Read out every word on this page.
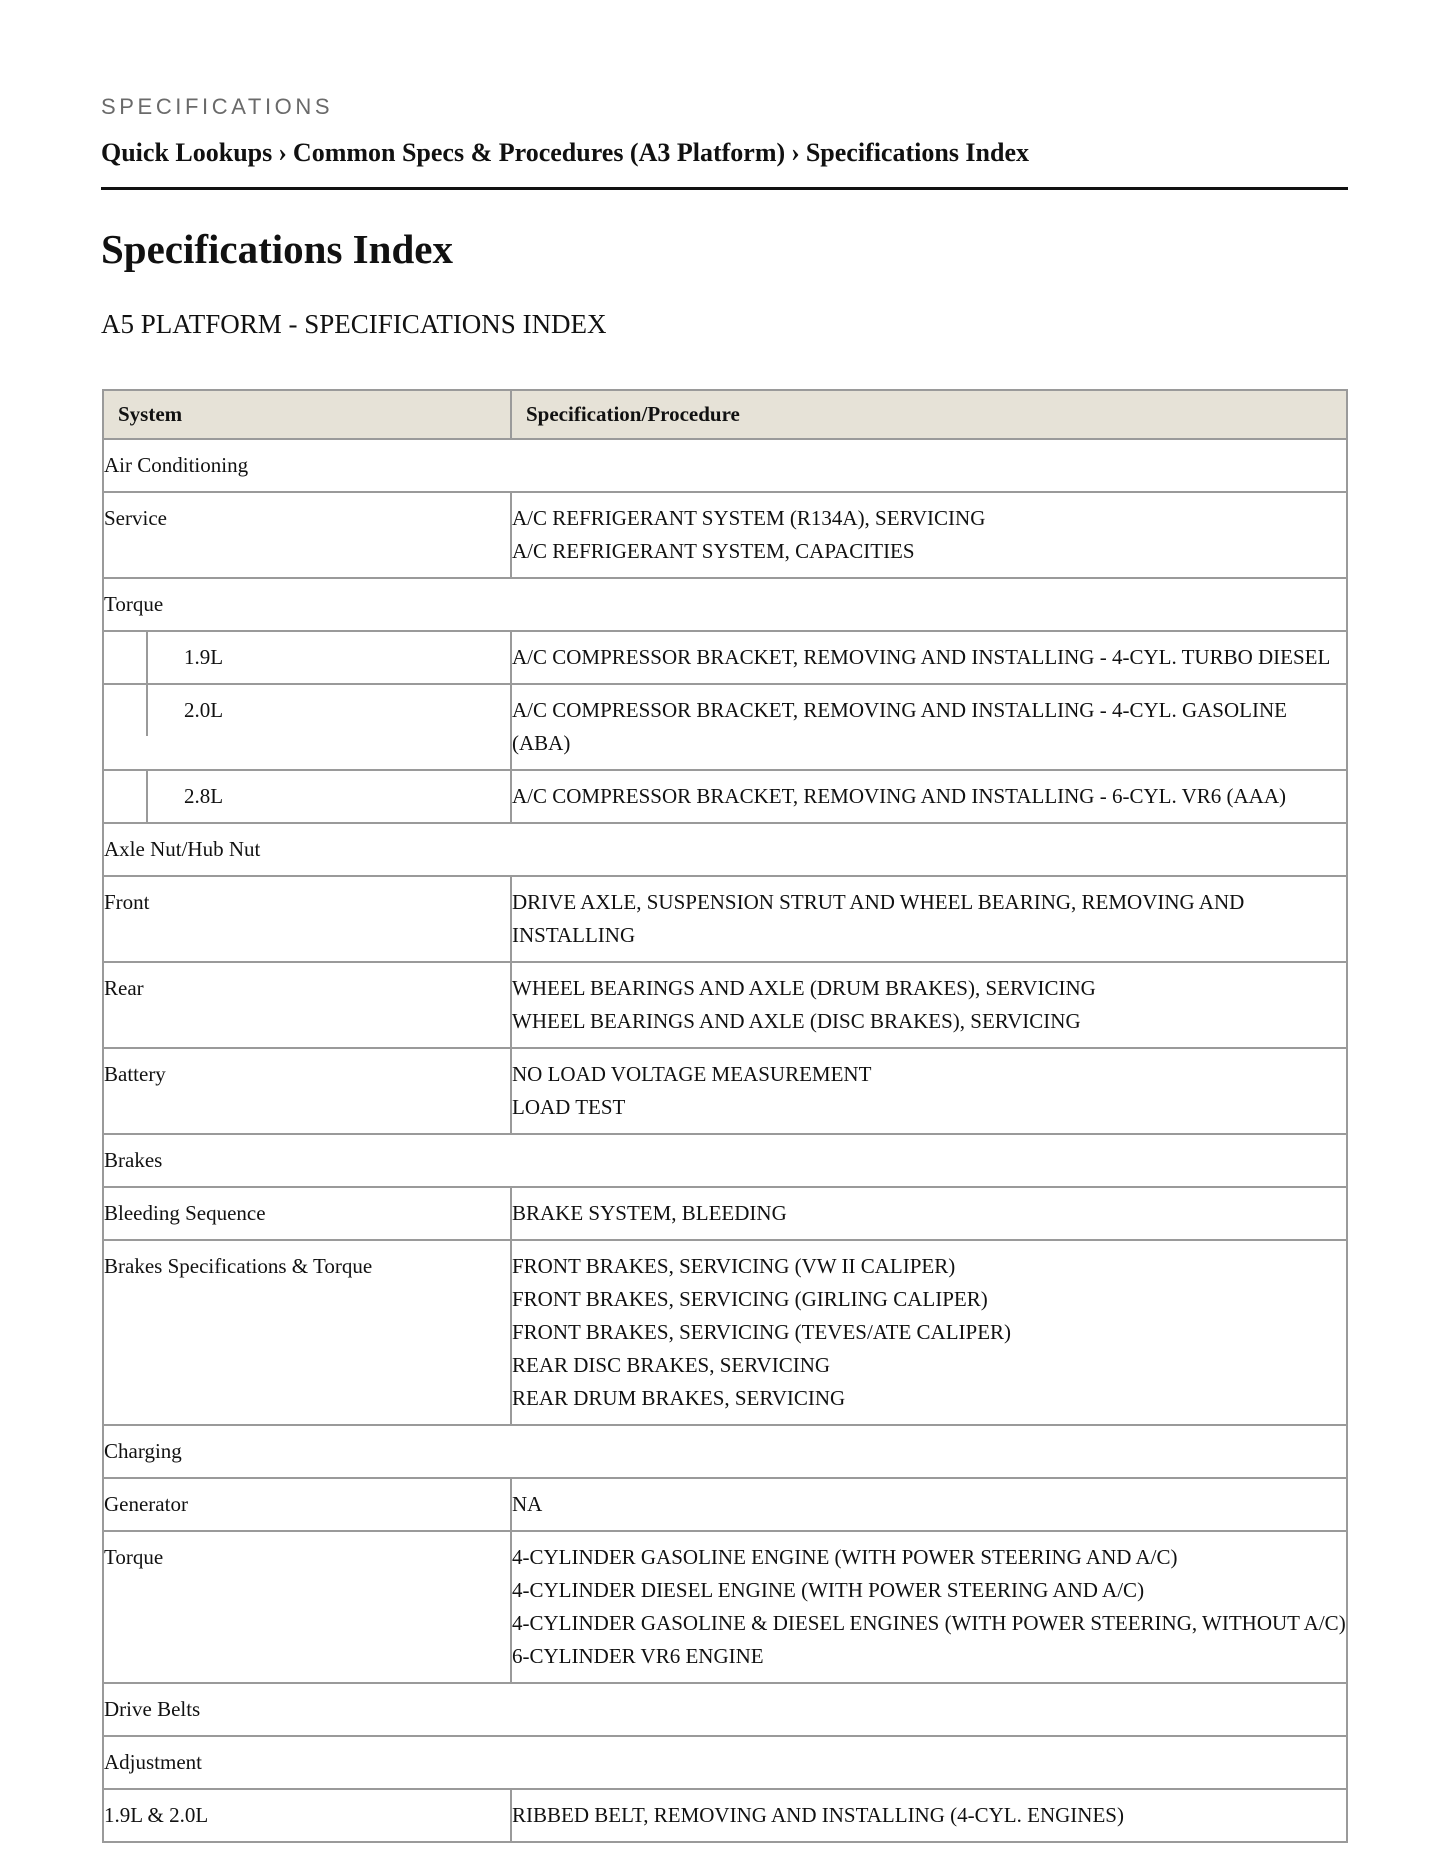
SPECIFICATIONS
Quick Lookups › Common Specs & Procedures (A3 Platform) › Specifications Index
Specifications Index
A5 PLATFORM - SPECIFICATIONS INDEX
System	Specification/Procedure
Air Conditioning	
Service	A/C REFRIGERANT SYSTEM (R134A), SERVICING
A/C REFRIGERANT SYSTEM, CAPACITIES

Torque	

1.9L	A/C COMPRESSOR BRACKET, REMOVING AND INSTALLING - 4-CYL. TURBO DIESEL

2.0L	A/C COMPRESSOR BRACKET, REMOVING AND INSTALLING - 4-CYL. GASOLINE (ABA)

2.8L	A/C COMPRESSOR BRACKET, REMOVING AND INSTALLING - 6-CYL. VR6 (AAA)

Axle Nut/Hub Nut	
Front	DRIVE AXLE, SUSPENSION STRUT AND WHEEL BEARING, REMOVING AND INSTALLING

Rear	WHEEL BEARINGS AND AXLE (DRUM BRAKES), SERVICING
WHEEL BEARINGS AND AXLE (DISC BRAKES), SERVICING

Battery	NO LOAD VOLTAGE MEASUREMENT
LOAD TEST

Brakes	
Bleeding Sequence	BRAKE SYSTEM, BLEEDING

Brakes Specifications & Torque	FRONT BRAKES, SERVICING (VW II CALIPER)
FRONT BRAKES, SERVICING (GIRLING CALIPER)
FRONT BRAKES, SERVICING (TEVES/ATE CALIPER)
REAR DISC BRAKES, SERVICING
REAR DRUM BRAKES, SERVICING

Charging	
Generator	NA

Torque	4-CYLINDER GASOLINE ENGINE (WITH POWER STEERING AND A/C)
4-CYLINDER DIESEL ENGINE (WITH POWER STEERING AND A/C)
4-CYLINDER GASOLINE & DIESEL ENGINES (WITH POWER STEERING, WITHOUT A/C)
6-CYLINDER VR6 ENGINE

Drive Belts	
Adjustment	
1.9L & 2.0L	RIBBED BELT, REMOVING AND INSTALLING (4-CYL. ENGINES)
